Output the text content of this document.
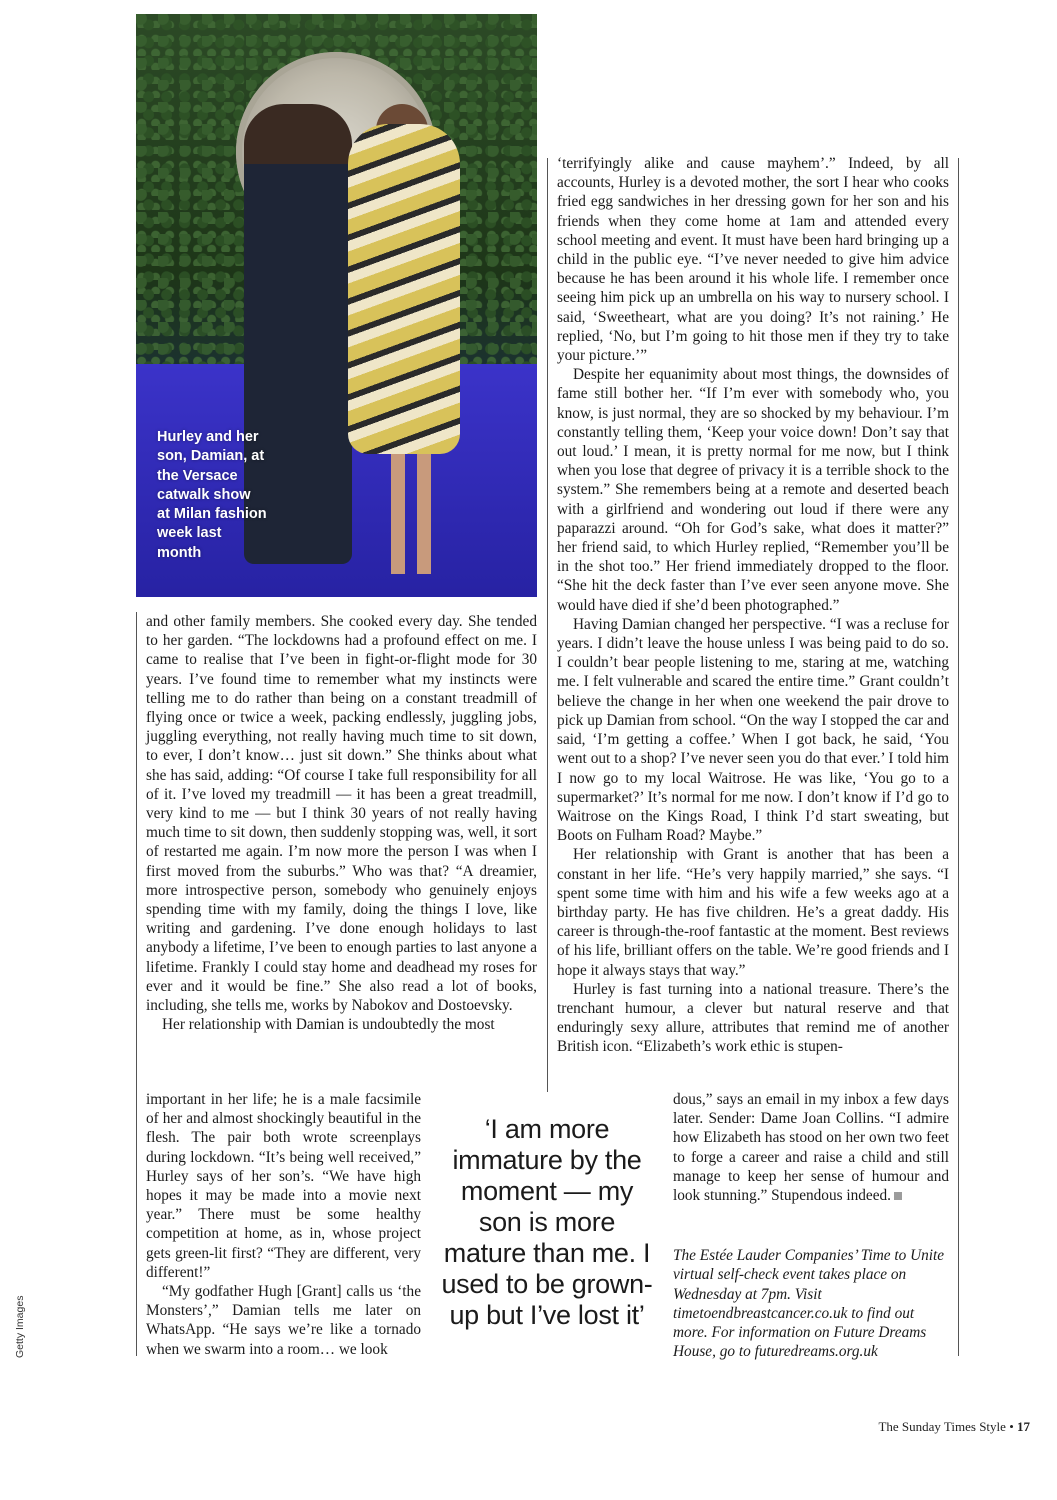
Hurley and her son, Damian, at the Versace catwalk show at Milan fashion week last month
Getty Images

and other family members. She cooked every day. She tended to her garden. “The lockdowns had a profound effect on me. I came to realise that I’ve been in fight-or-flight mode for 30 years. I’ve found time to remember what my instincts were telling me to do rather than being on a constant treadmill of flying once or twice a week, packing endlessly, juggling jobs, juggling everything, not really having much time to sit down, to ever, I don’t know… just sit down.” She thinks about what she has said, adding: “Of course I take full responsibility for all of it. I’ve loved my treadmill — it has been a great treadmill, very kind to me — but I think 30 years of not really having much time to sit down, then suddenly stopping was, well, it sort of restarted me again. I’m now more the person I was when I first moved from the suburbs.” Who was that? “A dreamier, more introspective person, somebody who genuinely enjoys spending time with my family, doing the things I love, like writing and gardening. I’ve done enough holidays to last anybody a lifetime, I’ve been to enough parties to last anyone a lifetime. Frankly I could stay home and deadhead my roses for ever and it would be fine.” She also read a lot of books, including, she tells me, works by Nabokov and Dostoevsky.

Her relationship with Damian is undoubtedly the most

important in her life; he is a male facsimile of her and almost shockingly beautiful in the flesh. The pair both wrote screenplays during lockdown. “It’s being well received,” Hurley says of her son’s. “We have high hopes it may be made into a movie next year.” There must be some healthy competition at home, as in, whose project gets green-lit first? “They are different, very different!”

“My godfather Hugh [Grant] calls us ‘the Monsters’,” Damian tells me later on WhatsApp. “He says we’re like a tornado when we swarm into a room… we look

‘I am more immature by the moment — my son is more mature than me. I used to be grown-up but I’ve lost it’

‘terrifyingly alike and cause mayhem’.” Indeed, by all accounts, Hurley is a devoted mother, the sort I hear who cooks fried egg sandwiches in her dressing gown for her son and his friends when they come home at 1am and attended every school meeting and event. It must have been hard bringing up a child in the public eye. “I’ve never needed to give him advice because he has been around it his whole life. I remember once seeing him pick up an umbrella on his way to nursery school. I said, ‘Sweetheart, what are you doing? It’s not raining.’ He replied, ‘No, but I’m going to hit those men if they try to take your picture.’”

Despite her equanimity about most things, the downsides of fame still bother her. “If I’m ever with somebody who, you know, is just normal, they are so shocked by my behaviour. I’m constantly telling them, ‘Keep your voice down! Don’t say that out loud.’ I mean, it is pretty normal for me now, but I think when you lose that degree of privacy it is a terrible shock to the system.” She remembers being at a remote and deserted beach with a girlfriend and wondering out loud if there were any paparazzi around. “Oh for God’s sake, what does it matter?” her friend said, to which Hurley replied, “Remember you’ll be in the shot too.” Her friend immediately dropped to the floor. “She hit the deck faster than I’ve ever seen anyone move. She would have died if she’d been photographed.”

Having Damian changed her perspective. “I was a recluse for years. I didn’t leave the house unless I was being paid to do so. I couldn’t bear people listening to me, staring at me, watching me. I felt vulnerable and scared the entire time.” Grant couldn’t believe the change in her when one weekend the pair drove to pick up Damian from school. “On the way I stopped the car and said, ‘I’m getting a coffee.’ When I got back, he said, ‘You went out to a shop? I’ve never seen you do that ever.’ I told him I now go to my local Waitrose. He was like, ‘You go to a supermarket?’ It’s normal for me now. I don’t know if I’d go to Waitrose on the Kings Road, I think I’d start sweating, but Boots on Fulham Road? Maybe.”

Her relationship with Grant is another that has been a constant in her life. “He’s very happily married,” she says. “I spent some time with him and his wife a few weeks ago at a birthday party. He has five children. He’s a great daddy. His career is through-the-roof fantastic at the moment. Best reviews of his life, brilliant offers on the table. We’re good friends and I hope it always stays that way.”

Hurley is fast turning into a national treasure. There’s the trenchant humour, a clever but natural reserve and that enduringly sexy allure, attributes that remind me of another British icon. “Elizabeth’s work ethic is stupen-

dous,” says an email in my inbox a few days later. Sender: Dame Joan Collins. “I admire how Elizabeth has stood on her own two feet to forge a career and raise a child and still manage to keep her sense of humour and look stunning.” Stupendous indeed.

The Estée Lauder Companies’ Time to Unite virtual self-check event takes place on Wednesday at 7pm. Visit timetoendbreastcancer.co.uk to find out more. For information on Future Dreams House, go to futuredreams.org.uk
The Sunday Times Style • 17
